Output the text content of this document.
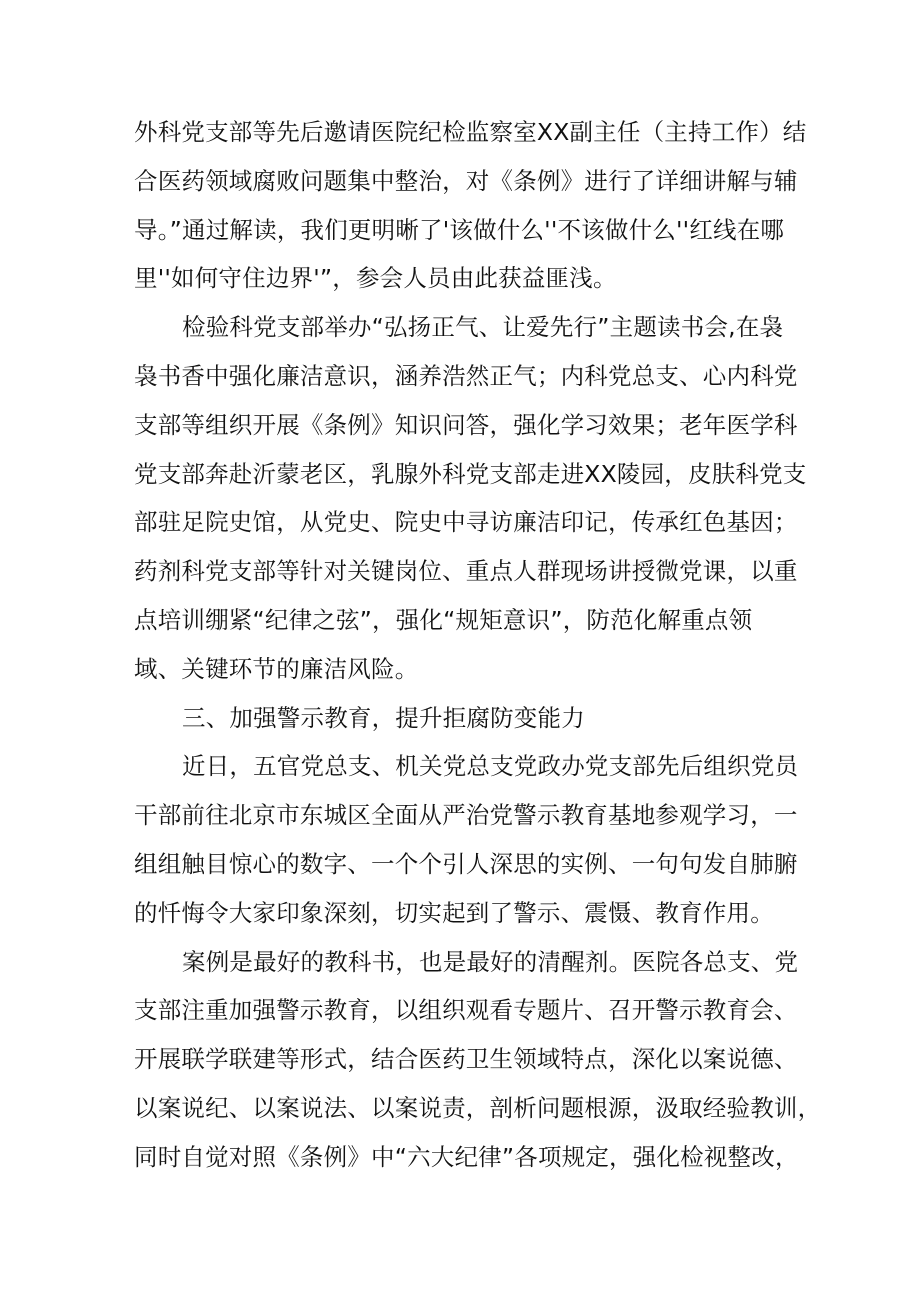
外科党支部等先后邀请医院纪检监察室XX副主任（主持工作）结
合医药领域腐败问题集中整治，对《条例》进行了详细讲解与辅
导。”通过解读，我们更明晰了'该做什么''不该做什么''红线在哪
里''如何守住边界'”，参会人员由此获益匪浅。
检验科党支部举办“弘扬正气、让爱先行”主题读书会,在袅
袅书香中强化廉洁意识，涵养浩然正气；内科党总支、心内科党
支部等组织开展《条例》知识问答，强化学习效果；老年医学科
党支部奔赴沂蒙老区，乳腺外科党支部走进XX陵园，皮肤科党支
部驻足院史馆，从党史、院史中寻访廉洁印记，传承红色基因；
药剂科党支部等针对关键岗位、重点人群现场讲授微党课，以重
点培训绷紧“纪律之弦”，强化“规矩意识”，防范化解重点领
域、关键环节的廉洁风险。
三、加强警示教育，提升拒腐防变能力
近日，五官党总支、机关党总支党政办党支部先后组织党员
干部前往北京市东城区全面从严治党警示教育基地参观学习，一
组组触目惊心的数字、一个个引人深思的实例、一句句发自肺腑
的忏悔令大家印象深刻，切实起到了警示、震慑、教育作用。
案例是最好的教科书，也是最好的清醒剂。医院各总支、党
支部注重加强警示教育，以组织观看专题片、召开警示教育会、
开展联学联建等形式，结合医药卫生领域特点，深化以案说德、
以案说纪、以案说法、以案说责，剖析问题根源，汲取经验教训，
同时自觉对照《条例》中“六大纪律”各项规定，强化检视整改，
